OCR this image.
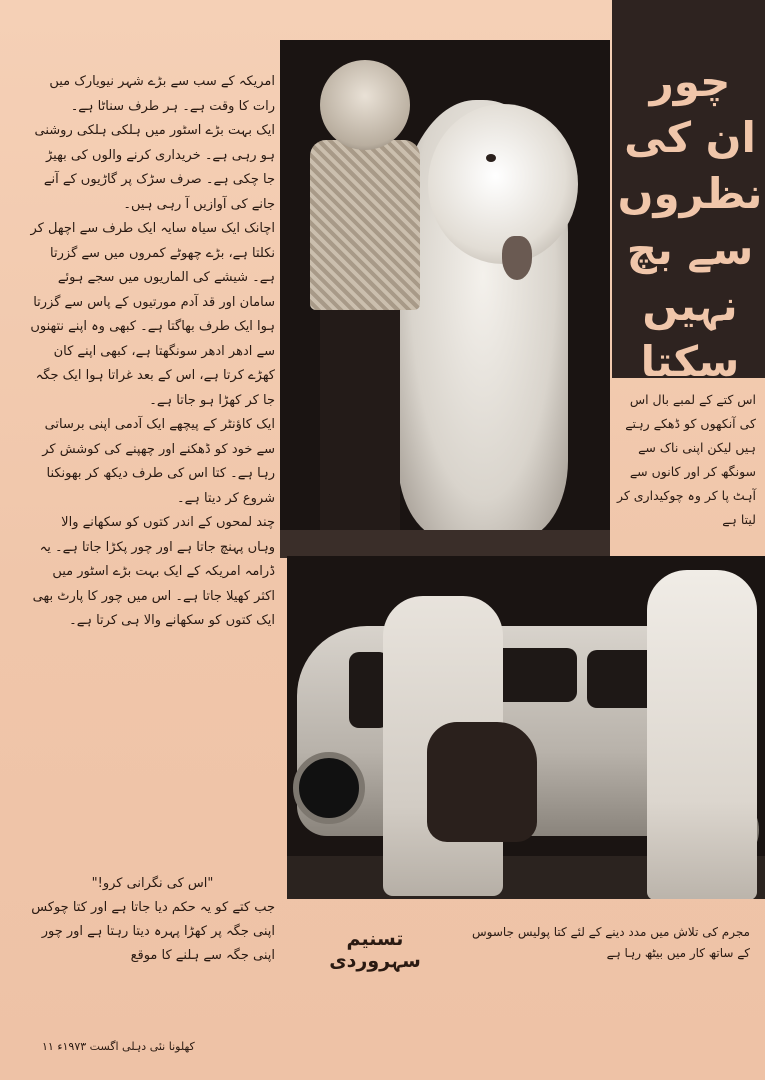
چور
ان کی
نظروں
سے بچ
نہیں
سکتا

امریکہ کے سب سے بڑے شہر نیویارک میں رات کا وقت ہے۔ ہر طرف سناٹا ہے۔

ایک بہت بڑے اسٹور میں ہلکی ہلکی روشنی ہو رہی ہے۔ خریداری کرنے والوں کی بھیڑ جا چکی ہے۔ صرف سڑک پر گاڑیوں کے آنے جانے کی آوازیں آ رہی ہیں۔

اچانک ایک سیاہ سایہ ایک طرف سے اچھل کر نکلتا ہے، بڑے چھوٹے کمروں میں سے گزرتا ہے۔ شیشے کی الماریوں میں سجے ہوئے سامان اور قد آدم مورتیوں کے پاس سے گزرتا ہوا ایک طرف بھاگتا ہے۔ کبھی وہ اپنے نتھنوں سے ادھر ادھر سونگھتا ہے، کبھی اپنے کان کھڑے کرتا ہے، اس کے بعد غراتا ہوا ایک جگہ جا کر کھڑا ہو جاتا ہے۔

ایک کاؤنٹر کے پیچھے ایک آدمی اپنی برساتی سے خود کو ڈھکنے اور چھپنے کی کوشش کر رہا ہے۔ کتا اس کی طرف دیکھ کر بھونکنا شروع کر دیتا ہے۔

چند لمحوں کے اندر کتوں کو سکھانے والا وہاں پہنچ جاتا ہے اور چور پکڑا جاتا ہے۔ یہ ڈرامہ امریکہ کے ایک بہت بڑے اسٹور میں اکثر کھیلا جاتا ہے۔ اس میں چور کا پارٹ بھی ایک کتوں کو سکھانے والا ہی کرتا ہے۔

"اس کی نگرانی کرو!"

جب کتے کو یہ حکم دیا جاتا ہے اور کتا چوکس اپنی جگہ پر کھڑا پہرہ دیتا رہتا ہے اور چور اپنی جگہ سے ہلنے کا موقع

اس کتے کے لمبے بال اس کی آنکھوں کو ڈھکے رہتے ہیں لیکن اپنی ناک سے سونگھ کر اور کانوں سے آہٹ پا کر وہ چوکیداری کر لیتا ہے
مجرم کی تلاش میں مدد دینے کے لئے کتا پولیس جاسوس کے ساتھ کار میں بیٹھ رہا ہے
تسنیم سہروردی
کھلونا نئی دہلی اگست ۱۹۷۳ء ۱۱
